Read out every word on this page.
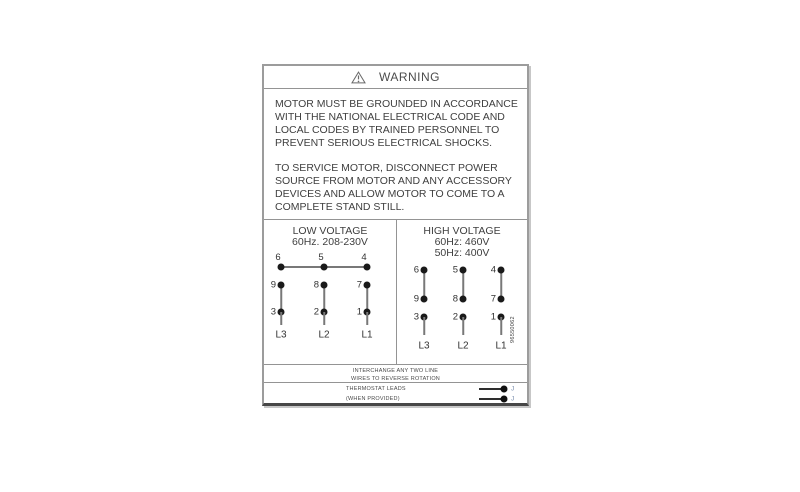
WARNING
MOTOR MUST BE GROUNDED IN ACCORDANCE
WITH THE NATIONAL ELECTRICAL CODE AND
LOCAL CODES BY TRAINED PERSONNEL TO
PREVENT SERIOUS ELECTRICAL SHOCKS.
TO SERVICE MOTOR, DISCONNECT POWER
SOURCE FROM MOTOR AND ANY ACCESSORY
DEVICES AND ALLOW MOTOR TO COME TO A
COMPLETE STAND STILL.
LOW VOLTAGE
60Hz. 208-230V
6	5	4
9	8	7
3	2	1
L3	L2	L1
HIGH VOLTAGE
60Hz: 460V
50Hz: 400V
6	5	4
9	8	7
3	2	1
L3	L2	L1
96550062
INTERCHANGE ANY TWO LINE
WIRES TO REVERSE ROTATION
THERMOSTAT LEADS
(WHEN PROVIDED)
J
J
